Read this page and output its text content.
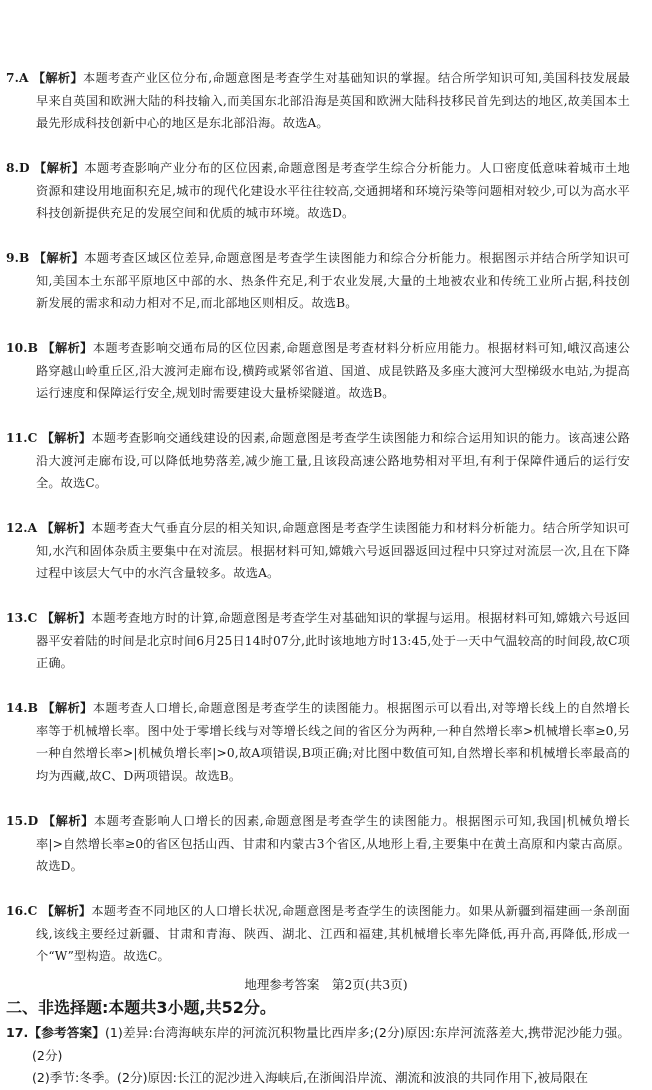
7.A 【解析】本题考查产业区位分布,命题意图是考查学生对基础知识的掌握。结合所学知识可知,美国科技发展最早来自英国和欧洲大陆的科技输入,而美国东北部沿海是英国和欧洲大陆科技移民首先到达的地区,故美国本土最先形成科技创新中心的地区是东北部沿海。故选A。
8.D 【解析】本题考查影响产业分布的区位因素,命题意图是考查学生综合分析能力。人口密度低意味着城市土地资源和建设用地面积充足,城市的现代化建设水平往往较高,交通拥堵和环境污染等问题相对较少,可以为高水平科技创新提供充足的发展空间和优质的城市环境。故选D。
9.B 【解析】本题考查区域区位差异,命题意图是考查学生读图能力和综合分析能力。根据图示并结合所学知识可知,美国本土东部平原地区中部的水、热条件充足,利于农业发展,大量的土地被农业和传统工业所占据,科技创新发展的需求和动力相对不足,而北部地区则相反。故选B。
10.B 【解析】本题考查影响交通布局的区位因素,命题意图是考查材料分析应用能力。根据材料可知,峨汉高速公路穿越山岭重丘区,沿大渡河走廊布设,横跨或紧邻省道、国道、成昆铁路及多座大渡河大型梯级水电站,为提高运行速度和保障运行安全,规划时需要建设大量桥梁隧道。故选B。
11.C 【解析】本题考查影响交通线建设的因素,命题意图是考查学生读图能力和综合运用知识的能力。该高速公路沿大渡河走廊布设,可以降低地势落差,减少施工量,且该段高速公路地势相对平坦,有利于保障件通后的运行安全。故选C。
12.A 【解析】本题考查大气垂直分层的相关知识,命题意图是考查学生读图能力和材料分析能力。结合所学知识可知,水汽和固体杂质主要集中在对流层。根据材料可知,嫦娥六号返回器返回过程中只穿过对流层一次,且在下降过程中该层大气中的水汽含量较多。故选A。
13.C 【解析】本题考查地方时的计算,命题意图是考查学生对基础知识的掌握与运用。根据材料可知,嫦娥六号返回器平安着陆的时间是北京时间6月25日14时07分,此时该地地方时13:45,处于一天中气温较高的时间段,故C项正确。
14.B 【解析】本题考查人口增长,命题意图是考查学生的读图能力。根据图示可以看出,对等增长线上的自然增长率等于机械增长率。图中处于零增长线与对等增长线之间的省区分为两种,一种自然增长率>机械增长率≥0,另一种自然增长率>|机械负增长率|>0,故A项错误,B项正确;对比图中数值可知,自然增长率和机械增长率最高的均为西藏,故C、D两项错误。故选B。
15.D 【解析】本题考查影响人口增长的因素,命题意图是考查学生的读图能力。根据图示可知,我国|机械负增长率|>自然增长率≥0的省区包括山西、甘肃和内蒙古3个省区,从地形上看,主要集中在黄土高原和内蒙古高原。故选D。
16.C 【解析】本题考查不同地区的人口增长状况,命题意图是考查学生的读图能力。如果从新疆到福建画一条剖面线,该线主要经过新疆、甘肃和青海、陕西、湖北、江西和福建,其机械增长率先降低,再升高,再降低,形成一个“W”型构造。故选C。
二、非选择题:本题共3小题,共52分。
17.【参考答案】(1)差异:台湾海峡东岸的河流沉积物量比西岸多;(2分)原因:东岸河流落差大,携带泥沙能力强。(2分)
(2)季节:冬季。(2分)原因:长江的泥沙进入海峡后,在浙闽沿岸流、潮流和波浪的共同作用下,被局限在
地理参考答案　第2页(共3页)
